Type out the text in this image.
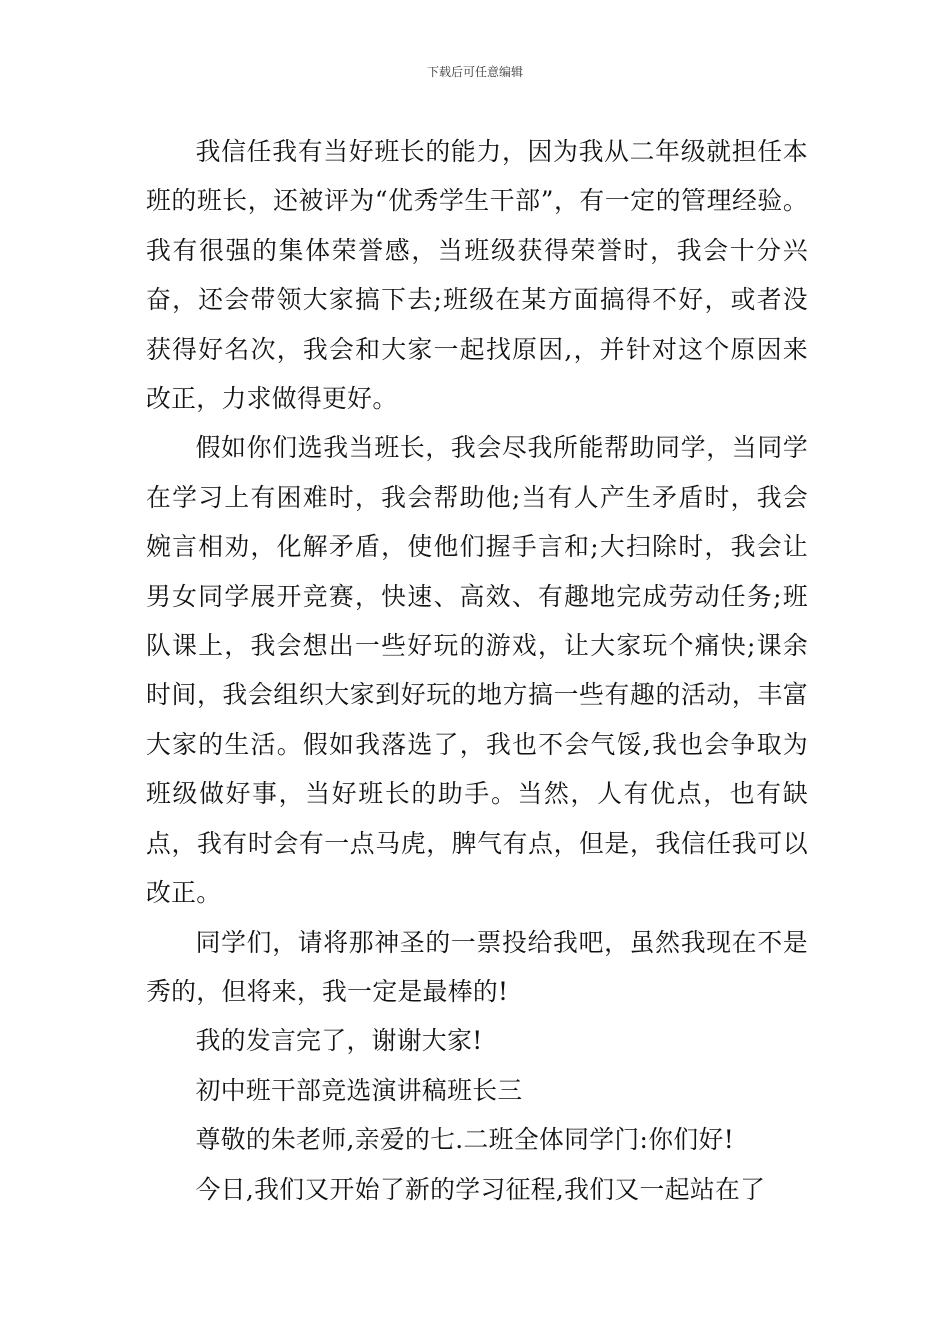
下载后可任意编辑

我信任我有当好班长的能力，因为我从二年级就担任本班的班长，还被评为“优秀学生干部”，有一定的管理经验。我有很强的集体荣誉感，当班级获得荣誉时，我会十分兴奋，还会带领大家搞下去;班级在某方面搞得不好，或者没获得好名次，我会和大家一起找原因,，并针对这个原因来改正，力求做得更好。

假如你们选我当班长，我会尽我所能帮助同学，当同学在学习上有困难时，我会帮助他;当有人产生矛盾时，我会婉言相劝，化解矛盾，使他们握手言和;大扫除时，我会让男女同学展开竞赛，快速、高效、有趣地完成劳动任务;班队课上，我会想出一些好玩的游戏，让大家玩个痛快;课余时间，我会组织大家到好玩的地方搞一些有趣的活动，丰富大家的生活。假如我落选了，我也不会气馁,我也会争取为班级做好事，当好班长的助手。当然，人有优点，也有缺点，我有时会有一点马虎，脾气有点，但是，我信任我可以改正。

同学们，请将那神圣的一票投给我吧，虽然我现在不是秀的，但将来，我一定是最棒的!

我的发言完了，谢谢大家!

初中班干部竞选演讲稿班长三

尊敬的朱老师,亲爱的七.二班全体同学门:你们好!

今日,我们又开始了新的学习征程,我们又一起站在了
